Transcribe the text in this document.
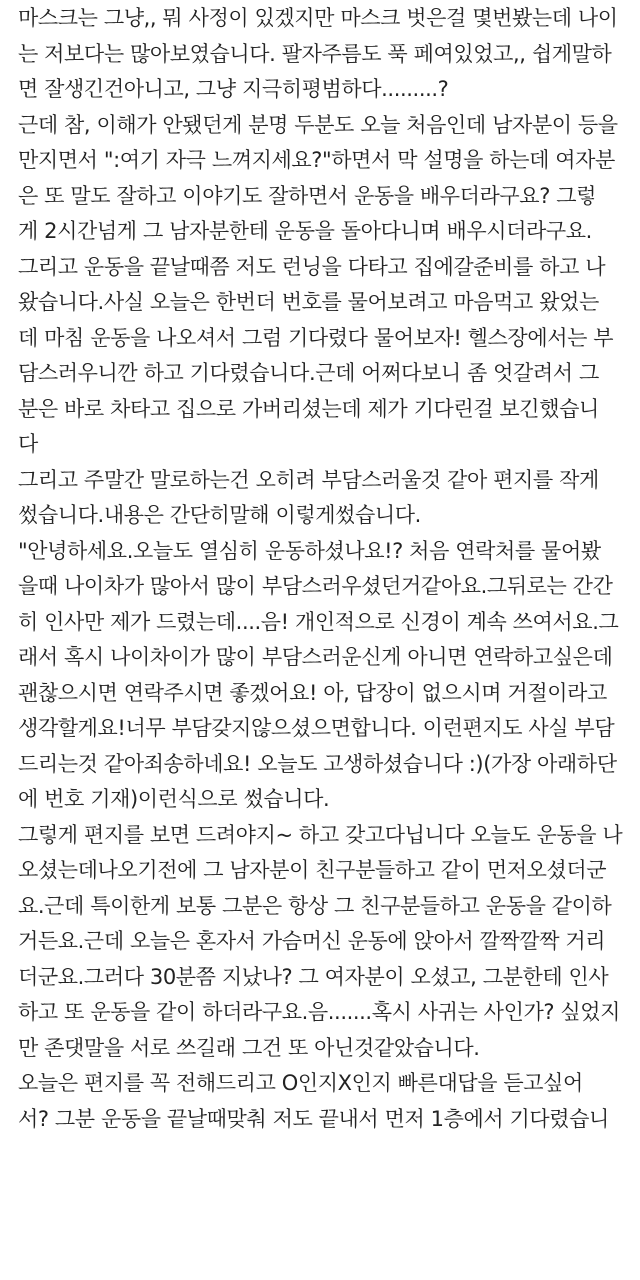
마스크는 그냥,, 뭐 사정이 있겠지만 마스크 벗은걸 몇번봤는데 나이
는 저보다는 많아보였습니다. 팔자주름도 푹 페여있었고,, 쉽게말하
면 잘생긴건아니고, 그냥 지극히평범하다.........?
근데 참, 이해가 안됐던게 분명 두분도 오늘 처음인데 남자분이 등을
만지면서 ":여기 자극 느껴지세요?"하면서 막 설명을 하는데 여자분
은 또 말도 잘하고 이야기도 잘하면서 운동을 배우더라구요? 그렇
게 2시간넘게 그 남자분한테 운동을 돌아다니며 배우시더라구요.
그리고 운동을 끝날때쯤 저도 런닝을 다타고 집에갈준비를 하고 나
왔습니다.사실 오늘은 한번더 번호를 물어보려고 마음먹고 왔었는
데 마침 운동을 나오셔서 그럼 기다렸다 물어보자! 헬스장에서는 부
담스러우니깐 하고 기다렸습니다.근데 어쩌다보니 좀 엇갈려서 그
분은 바로 차타고 집으로 가버리셨는데 제가 기다린걸 보긴했습니
다
그리고 주말간 말로하는건 오히려 부담스러울것 같아 편지를 작게
썼습니다.내용은 간단히말해 이렇게썼습니다.
"안녕하세요.오늘도 열심히 운동하셨나요!? 처음 연락처를 물어봤
을때 나이차가 많아서 많이 부담스러우셨던거같아요.그뒤로는 간간
히 인사만 제가 드렸는데....음! 개인적으로 신경이 계속 쓰여서요.그
래서 혹시 나이차이가 많이 부담스러운신게 아니면 연락하고싶은데
괜찮으시면 연락주시면 좋겠어요! 아, 답장이 없으시며 거절이라고
생각할게요!너무 부담갖지않으셨으면합니다. 이런편지도 사실 부담
드리는것 같아죄송하네요! 오늘도 고생하셨습니다 :)(가장 아래하단
에 번호 기재)이런식으로 썼습니다.
그렇게 편지를 보면 드려야지~ 하고 갖고다닙니다 오늘도 운동을 나
오셨는데나오기전에 그 남자분이 친구분들하고 같이 먼저오셨더군
요.근데 특이한게 보통 그분은 항상 그 친구분들하고 운동을 같이하
거든요.근데 오늘은 혼자서 가슴머신 운동에 앉아서 깔짝깔짝 거리
더군요.그러다 30분쯤 지났나? 그 여자분이 오셨고, 그분한테 인사
하고 또 운동을 같이 하더라구요.음.......혹시 사귀는 사인가? 싶었지
만 존댓말을 서로 쓰길래 그건 또 아닌것같았습니다.
오늘은 편지를 꼭 전해드리고 O인지X인지 빠른대답을 듣고싶어
서? 그분 운동을 끝날때맞춰 저도 끝내서 먼저 1층에서 기다렸습니
